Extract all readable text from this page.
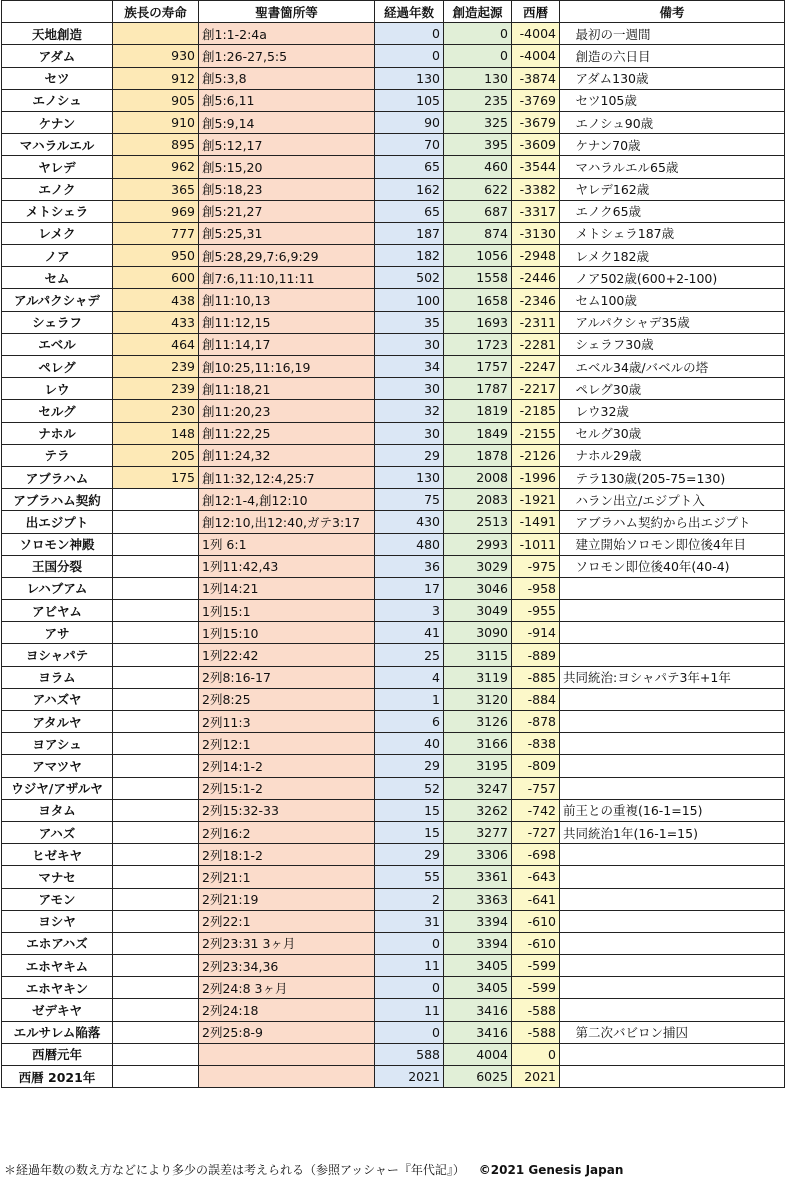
	族長の寿命	聖書箇所等	経過年数	創造起源	西暦	備考
天地創造		創1:1-2:4a	0	0	-4004	　最初の一週間
アダム	930	創1:26-27,5:5	0	0	-4004	　創造の六日目
セツ	912	創5:3,8	130	130	-3874	　アダム130歳
エノシュ	905	創5:6,11	105	235	-3769	　セツ105歳
ケナン	910	創5:9,14	90	325	-3679	　エノシュ90歳
マハラルエル	895	創5:12,17	70	395	-3609	　ケナン70歳
ヤレデ	962	創5:15,20	65	460	-3544	　マハラルエル65歳
エノク	365	創5:18,23	162	622	-3382	　ヤレデ162歳
メトシェラ	969	創5:21,27	65	687	-3317	　エノク65歳
レメク	777	創5:25,31	187	874	-3130	　メトシェラ187歳
ノア	950	創5:28,29,7:6,9:29	182	1056	-2948	　レメク182歳
セム	600	創7:6,11:10,11:11	502	1558	-2446	　ノア502歳(600+2-100)
アルパクシャデ	438	創11:10,13	100	1658	-2346	　セム100歳
シェラフ	433	創11:12,15	35	1693	-2311	　アルパクシャデ35歳
エベル	464	創11:14,17	30	1723	-2281	　シェラフ30歳
ペレグ	239	創10:25,11:16,19	34	1757	-2247	　エベル34歳/バベルの塔
レウ	239	創11:18,21	30	1787	-2217	　ペレグ30歳
セルグ	230	創11:20,23	32	1819	-2185	　レウ32歳
ナホル	148	創11:22,25	30	1849	-2155	　セルグ30歳
テラ	205	創11:24,32	29	1878	-2126	　ナホル29歳
アブラハム	175	創11:32,12:4,25:7	130	2008	-1996	　テラ130歳(205-75=130)
アブラハム契約		創12:1-4,創12:10	75	2083	-1921	　ハラン出立/エジプト入
出エジプト		創12:10,出12:40,ガテ3:17	430	2513	-1491	　アブラハム契約から出エジプト
ソロモン神殿		1列 6:1	480	2993	-1011	　建立開始ソロモン即位後4年目
王国分裂		1列11:42,43	36	3029	-975	　ソロモン即位後40年(40-4)
レハブアム		1列14:21	17	3046	-958	
アビヤム		1列15:1	3	3049	-955	
アサ		1列15:10	41	3090	-914	
ヨシャパテ		1列22:42	25	3115	-889	
ヨラム		2列8:16-17	4	3119	-885	共同統治:ヨシャパテ3年+1年
アハズヤ		2列8:25	1	3120	-884	
アタルヤ		2列11:3	6	3126	-878	
ヨアシュ		2列12:1	40	3166	-838	
アマツヤ		2列14:1-2	29	3195	-809	
ウジヤ/アザルヤ		2列15:1-2	52	3247	-757	
ヨタム		2列15:32-33	15	3262	-742	前王との重複(16-1=15)
アハズ		2列16:2	15	3277	-727	共同統治1年(16-1=15)
ヒゼキヤ		2列18:1-2	29	3306	-698	
マナセ		2列21:1	55	3361	-643	
アモン		2列21:19	2	3363	-641	
ヨシヤ		2列22:1	31	3394	-610	
エホアハズ		2列23:31 3ヶ月	0	3394	-610	
エホヤキム		2列23:34,36	11	3405	-599	
エホヤキン		2列24:8 3ヶ月	0	3405	-599	
ゼデキヤ		2列24:18	11	3416	-588	
エルサレム陥落		2列25:8-9	0	3416	-588	　第二次バビロン捕囚
西暦元年			588	4004	0	
西暦 2021年			2021	6025	2021	
＊経過年数の数え方などにより多少の誤差は考えられる（参照アッシャー『年代記』） ©2021 Genesis Japan
